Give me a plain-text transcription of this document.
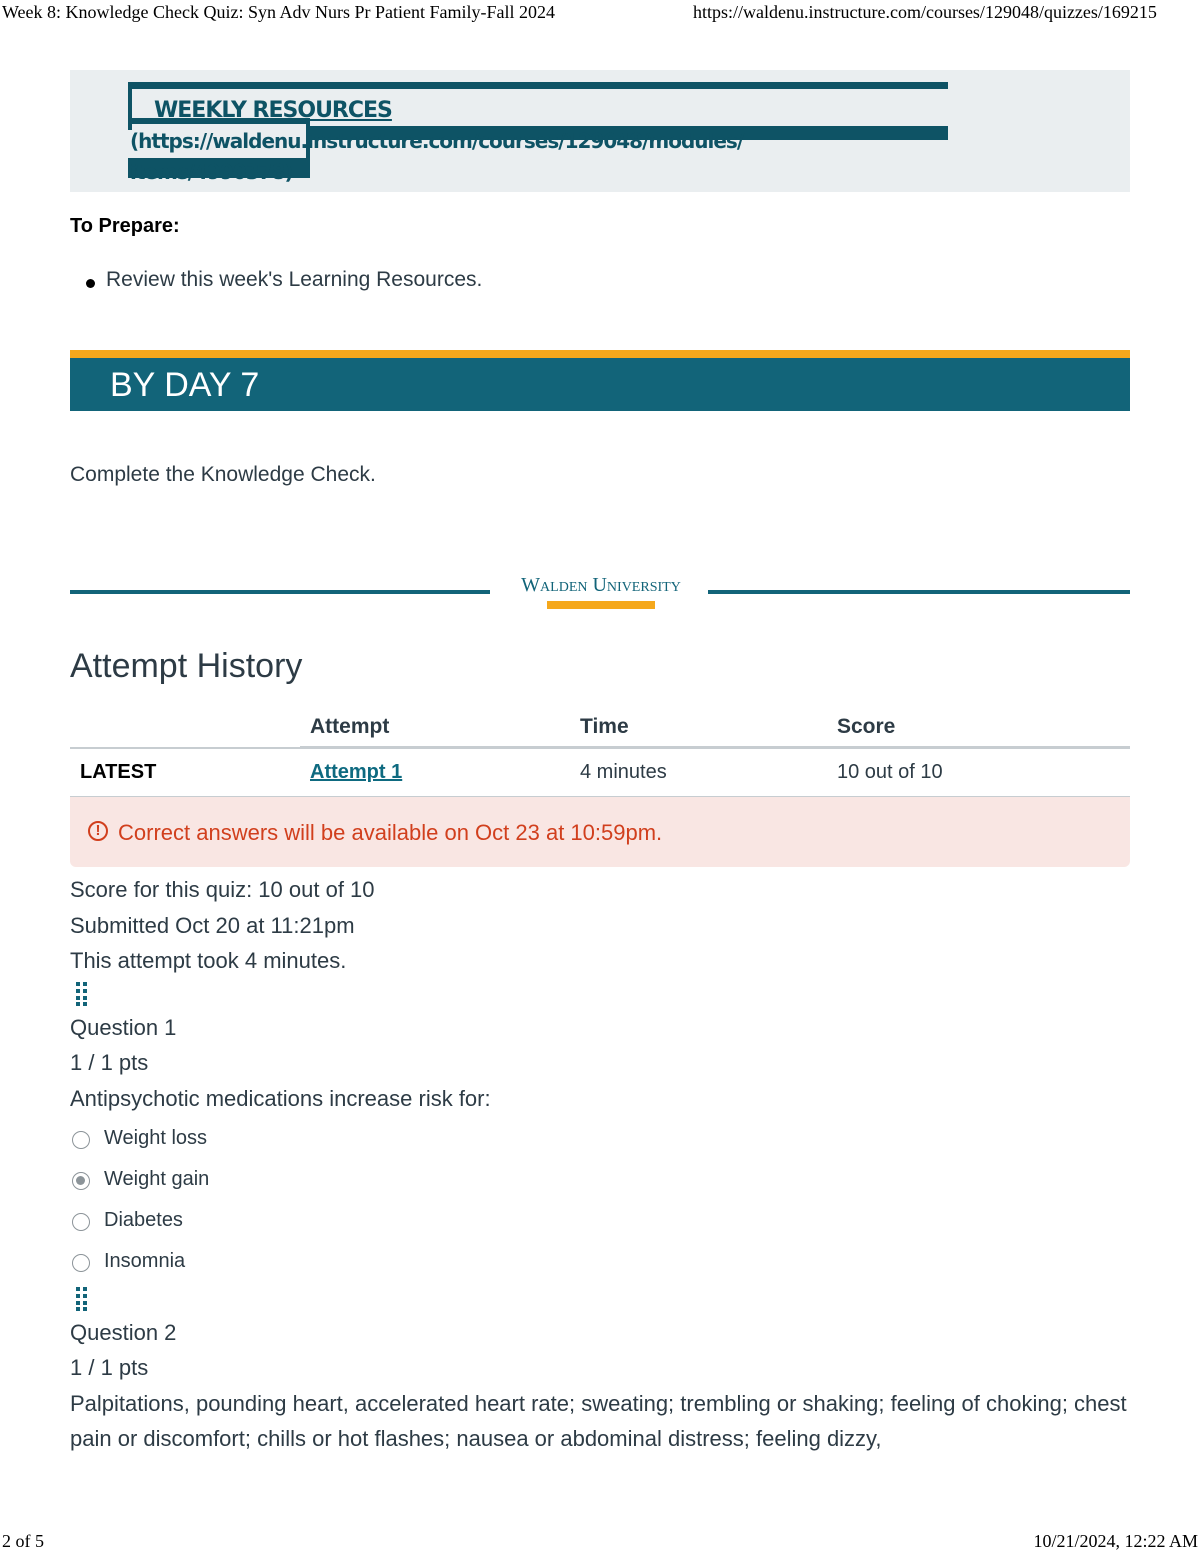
Week 8: Knowledge Check Quiz: Syn Adv Nurs Pr Patient Family-Fall 2024	https://waldenu.instructure.com/courses/129048/quizzes/169215
WEEKLY RESOURCES (https://waldenu.instructure.com/courses/129048/modules/
items/4990378)
To Prepare:
Review this week's Learning Resources.
BY DAY 7
Complete the Knowledge Check.
Walden University
Attempt History
	Attempt	Time	Score
LATEST	Attempt 1	4 minutes	10 out of 10
! Correct answers will be available on Oct 23 at 10:59pm.
Score for this quiz: 10 out of 10
Submitted Oct 20 at 11:21pm
This attempt took 4 minutes.
Question 1
1 / 1 pts
Antipsychotic medications increase risk for:
Weight loss
Weight gain
Diabetes
Insomnia
Question 2
1 / 1 pts
Palpitations, pounding heart, accelerated heart rate; sweating; trembling or shaking; feeling of choking; chest pain or discomfort; chills or hot flashes; nausea or abdominal distress; feeling dizzy,
2 of 5	10/21/2024, 12:22 AM
